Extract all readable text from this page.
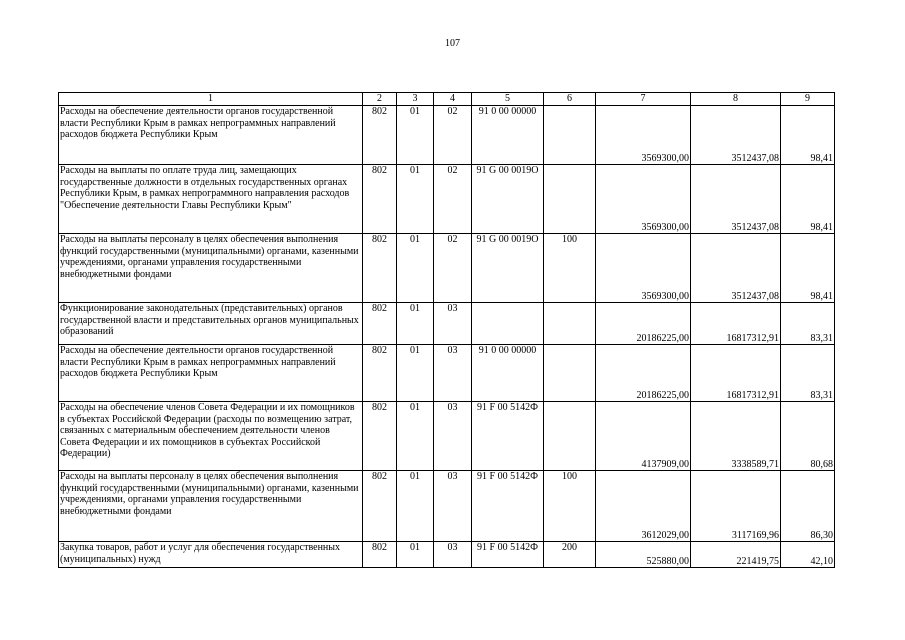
107
1	2	3	4	5	6	7	8	9
Расходы на обеспечение деятельности органов государственной власти Республики Крым в рамках непрограммных направлений расходов бюджета Республики Крым	802	01	02	91 0 00 00000		3569300,00	3512437,08	98,41
Расходы на выплаты по оплате труда лиц, замещающих государственные должности в отдельных государственных органах Республики Крым, в рамках непрограммного направления расходов "Обеспечение деятельности Главы Республики Крым"	802	01	02	91 G 00 0019O		3569300,00	3512437,08	98,41
Расходы на выплаты персоналу в целях обеспечения выполнения функций государственными (муниципальными) органами, казенными учреждениями, органами управления государственными внебюджетными фондами	802	01	02	91 G 00 0019O	100	3569300,00	3512437,08	98,41
Функционирование законодательных (представительных) органов государственной власти и представительных органов муниципальных образований	802	01	03			20186225,00	16817312,91	83,31
Расходы на обеспечение деятельности органов государственной власти Республики Крым в рамках непрограммных направлений расходов бюджета Республики Крым	802	01	03	91 0 00 00000		20186225,00	16817312,91	83,31
Расходы на обеспечение членов Совета Федерации и их помощников в субъектах Российской Федерации (расходы по возмещению затрат, связанных с материальным обеспечением деятельности членов Совета Федерации и их помощников в субъектах Российской Федерации)	802	01	03	91 F 00 5142Ф		4137909,00	3338589,71	80,68
Расходы на выплаты персоналу в целях обеспечения выполнения функций государственными (муниципальными) органами, казенными учреждениями, органами управления государственными внебюджетными фондами	802	01	03	91 F 00 5142Ф	100	3612029,00	3117169,96	86,30
Закупка товаров, работ и услуг для обеспечения государственных (муниципальных) нужд	802	01	03	91 F 00 5142Ф	200	525880,00	221419,75	42,10
